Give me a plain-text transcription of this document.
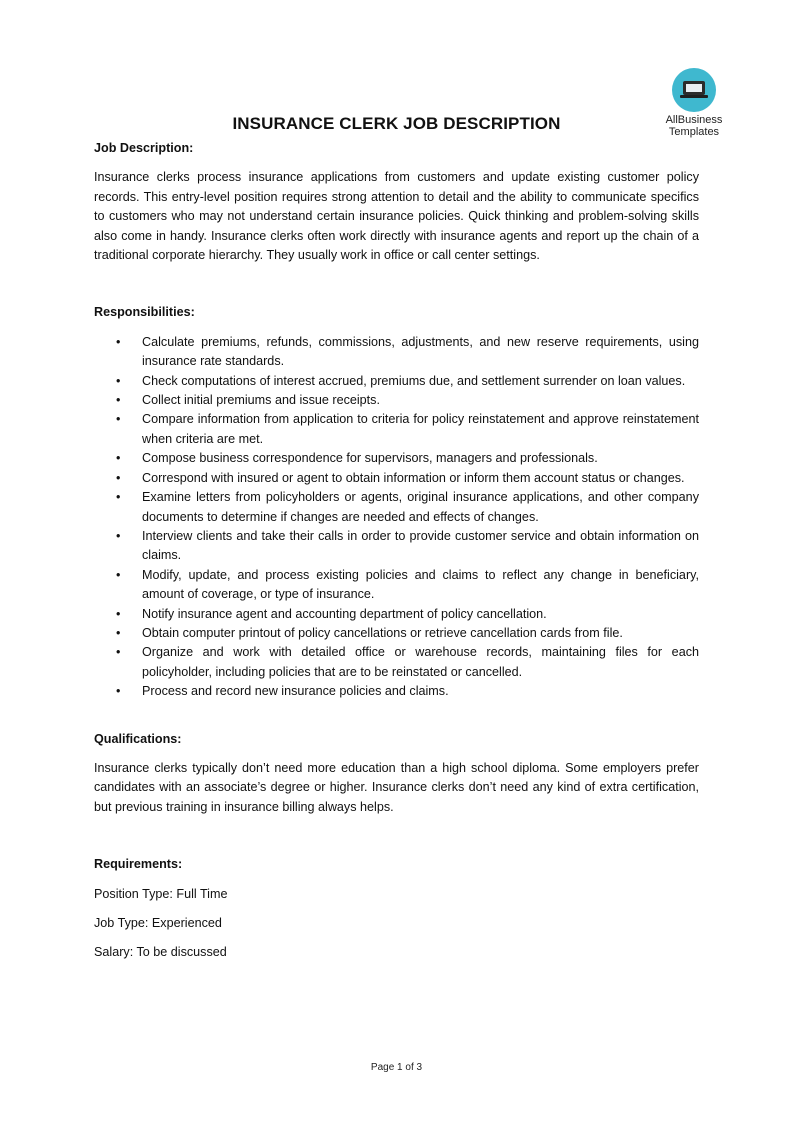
AllBusiness
Templates
INSURANCE CLERK JOB DESCRIPTION

Job Description:

Insurance clerks process insurance applications from customers and update existing customer policy records. This entry-level position requires strong attention to detail and the ability to communicate specifics to customers who may not understand certain insurance policies. Quick thinking and problem-solving skills also come in handy. Insurance clerks often work directly with insurance agents and report up the chain of a traditional corporate hierarchy. They usually work in office or call center settings.

Responsibilities:

• Calculate premiums, refunds, commissions, adjustments, and new reserve requirements, using insurance rate standards.
• Check computations of interest accrued, premiums due, and settlement surrender on loan values.
• Collect initial premiums and issue receipts.
• Compare information from application to criteria for policy reinstatement and approve reinstatement when criteria are met.
• Compose business correspondence for supervisors, managers and professionals.
• Correspond with insured or agent to obtain information or inform them account status or changes.
• Examine letters from policyholders or agents, original insurance applications, and other company documents to determine if changes are needed and effects of changes.
• Interview clients and take their calls in order to provide customer service and obtain information on claims.
• Modify, update, and process existing policies and claims to reflect any change in beneficiary, amount of coverage, or type of insurance.
• Notify insurance agent and accounting department of policy cancellation.
• Obtain computer printout of policy cancellations or retrieve cancellation cards from file.
• Organize and work with detailed office or warehouse records, maintaining files for each policyholder, including policies that are to be reinstated or cancelled.
• Process and record new insurance policies and claims.

Qualifications:

Insurance clerks typically don’t need more education than a high school diploma. Some employers prefer candidates with an associate’s degree or higher. Insurance clerks don’t need any kind of extra certification, but previous training in insurance billing always helps.

Requirements:

Position Type: Full Time

Job Type: Experienced

Salary: To be discussed

Page 1 of 3
